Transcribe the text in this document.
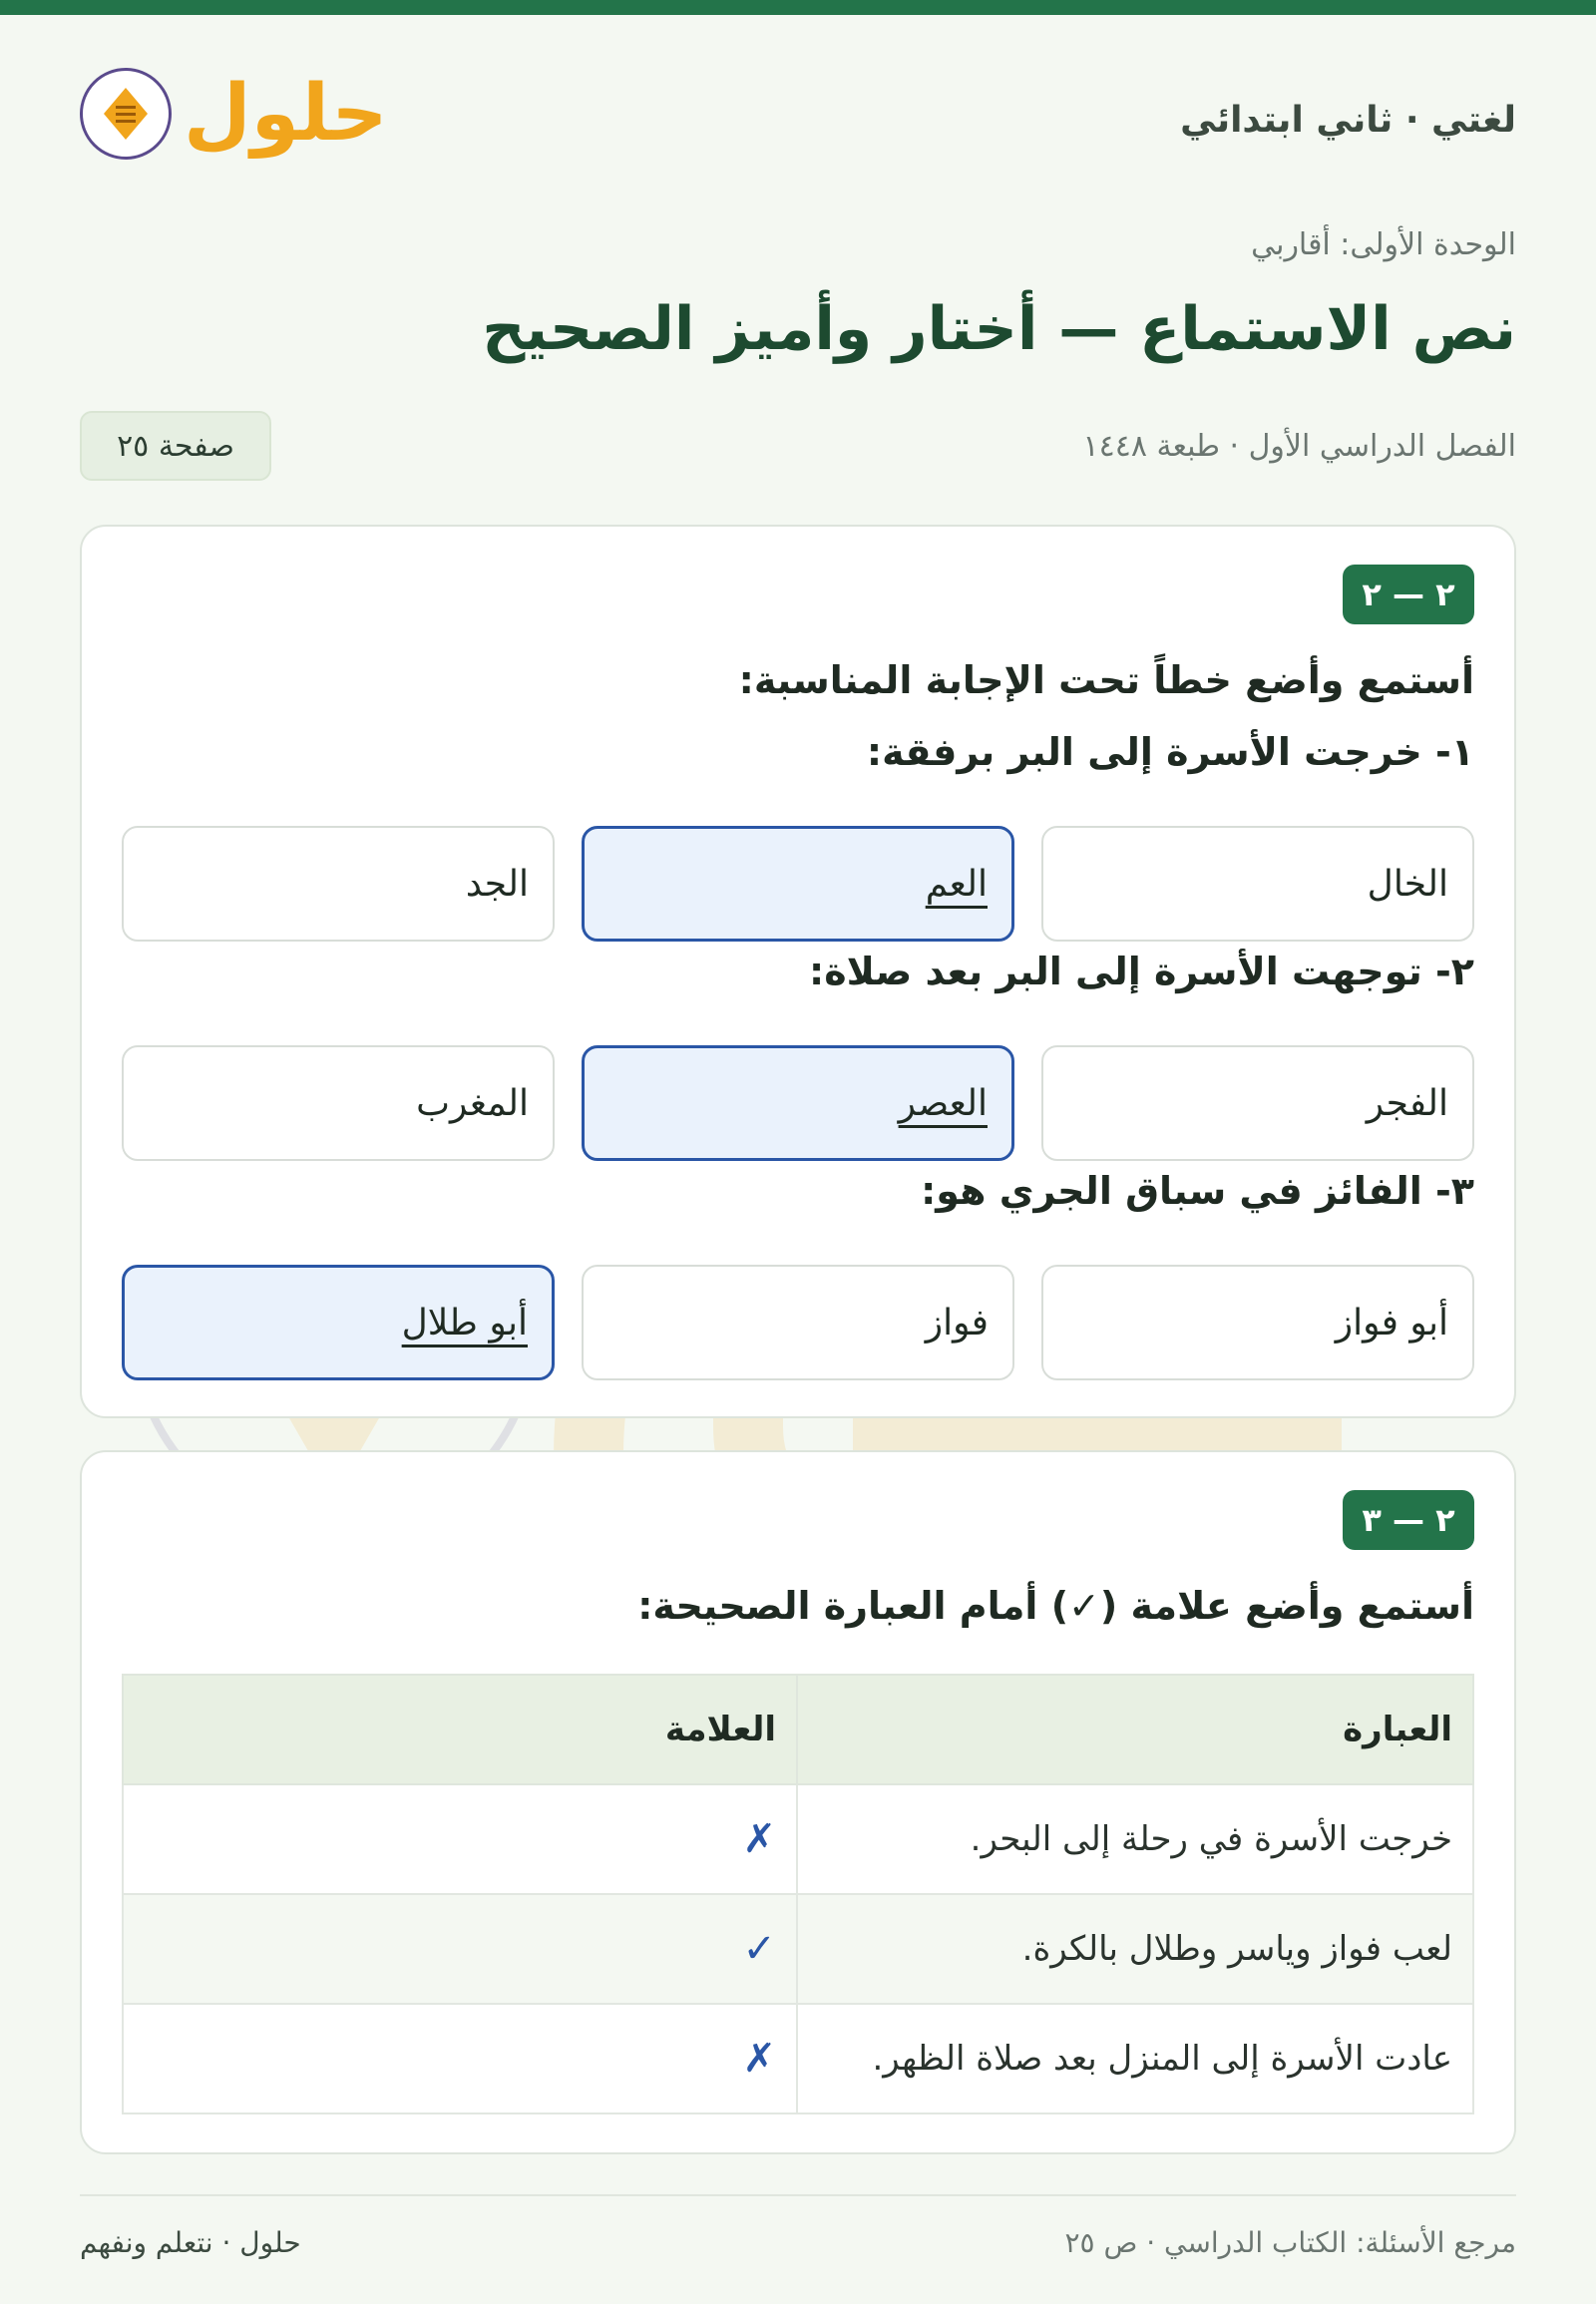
حلول	لغتي · ثاني ابتدائي
الوحدة الأولى: أقاربي
نص الاستماع — أختار وأميز الصحيح
الفصل الدراسي الأول · طبعة ١٤٤٨
صفحة ٢٥
٢ — ٢
أستمع وأضع خطاً تحت الإجابة المناسبة:
١- خرجت الأسرة إلى البر برفقة:
الخال
العم
الجد
٢- توجهت الأسرة إلى البر بعد صلاة:
الفجر
العصر
المغرب
٣- الفائز في سباق الجري هو:
أبو فواز
فواز
أبو طلال
٢ — ٣
أستمع وأضع علامة (✓) أمام العبارة الصحيحة:
العبارة	العلامة
خرجت الأسرة في رحلة إلى البحر.	✗
لعب فواز وياسر وطلال بالكرة.	✓
عادت الأسرة إلى المنزل بعد صلاة الظهر.	✗
مرجع الأسئلة: الكتاب الدراسي · ص ٢٥
حلول · نتعلم ونفهم
